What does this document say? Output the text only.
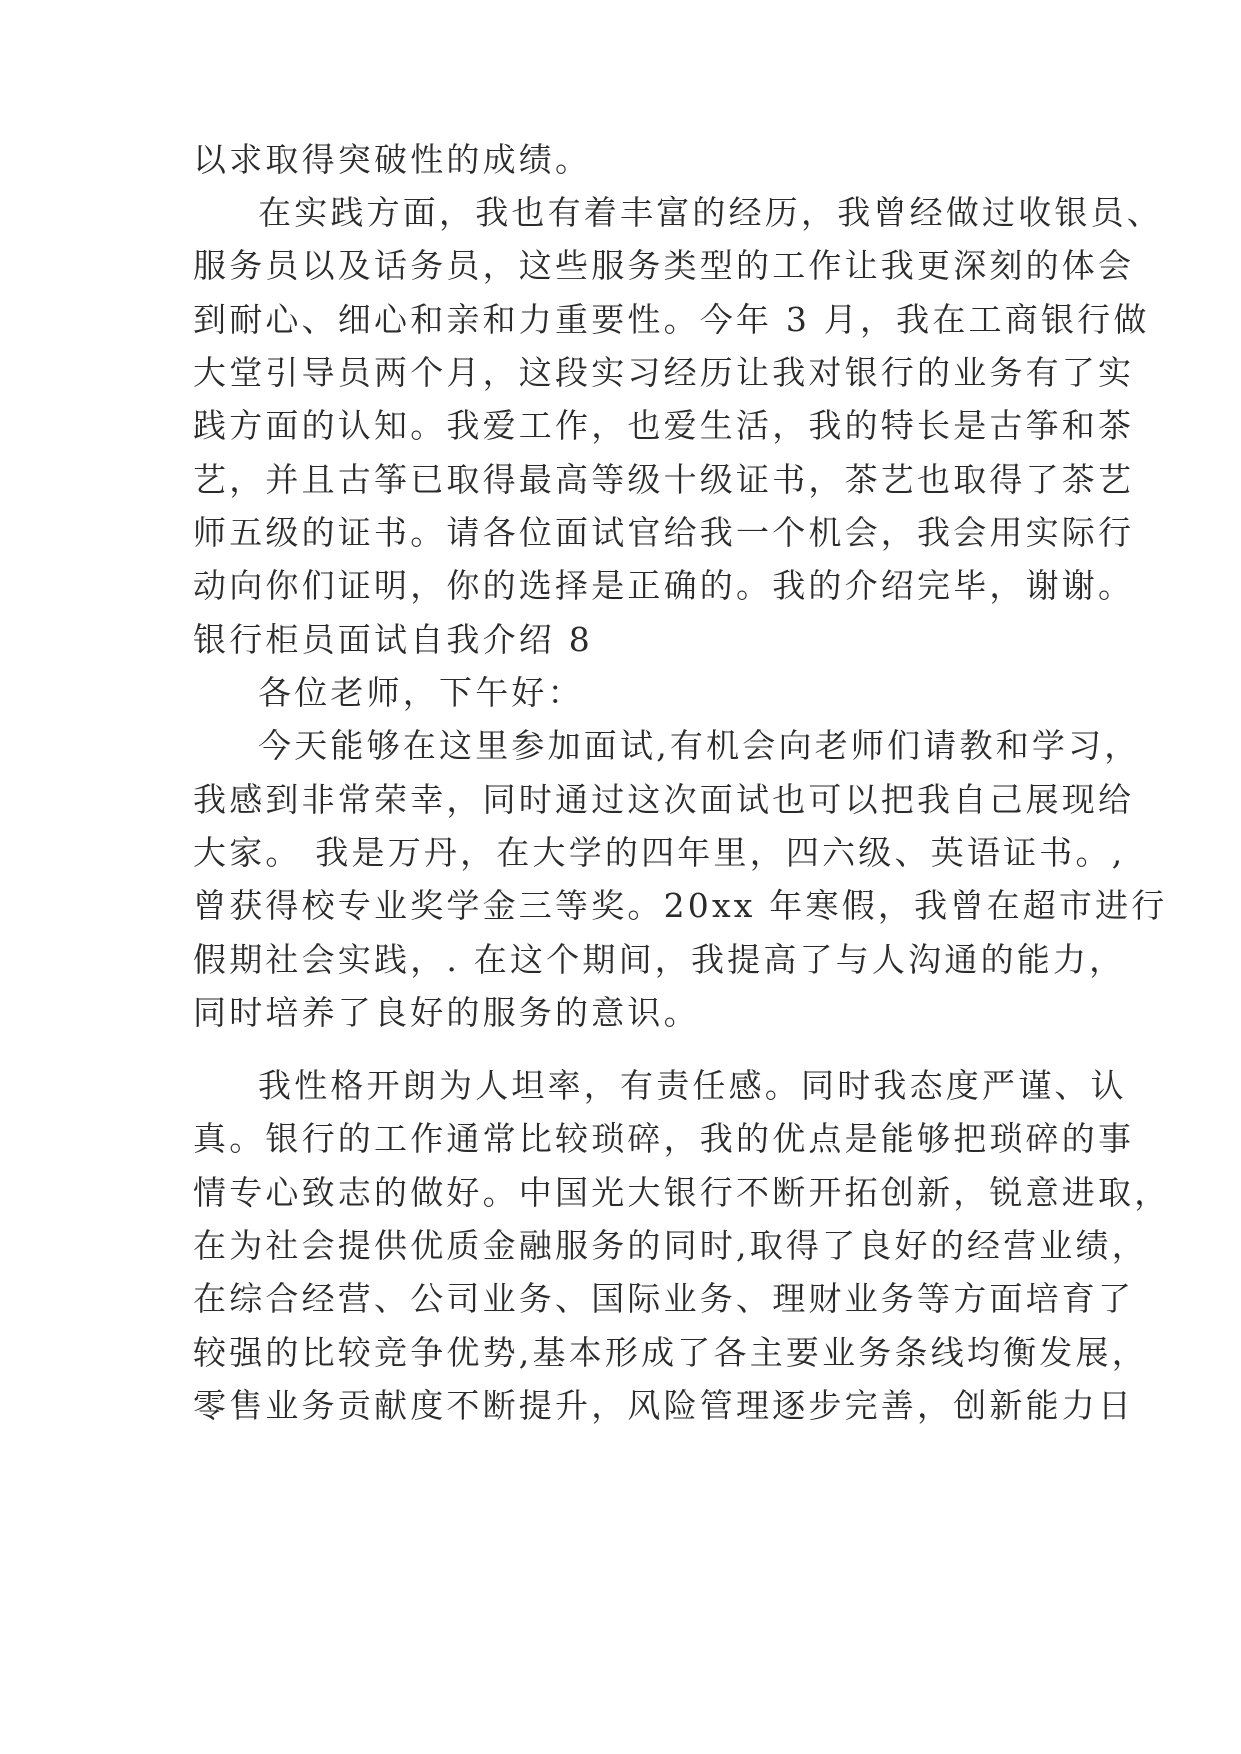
以求取得突破性的成绩。
在实践方面，我也有着丰富的经历，我曾经做过收银员、
服务员以及话务员，这些服务类型的工作让我更深刻的体会
到耐心、细心和亲和力重要性。今年 3 月，我在工商银行做
大堂引导员两个月，这段实习经历让我对银行的业务有了实
践方面的认知。我爱工作，也爱生活，我的特长是古筝和茶
艺，并且古筝已取得最高等级十级证书，茶艺也取得了茶艺
师五级的证书。请各位面试官给我一个机会，我会用实际行
动向你们证明，你的选择是正确的。我的介绍完毕，谢谢。
银行柜员面试自我介绍 8
各位老师，下午好：
今天能够在这里参加面试,有机会向老师们请教和学习，
我感到非常荣幸，同时通过这次面试也可以把我自己展现给
大家。 我是万丹，在大学的四年里，四六级、英语证书。,
曾获得校专业奖学金三等奖。20xx 年寒假，我曾在超市进行
假期社会实践，. 在这个期间，我提高了与人沟通的能力，
同时培养了良好的服务的意识。
我性格开朗为人坦率，有责任感。同时我态度严谨、认
真。银行的工作通常比较琐碎，我的优点是能够把琐碎的事
情专心致志的做好。中国光大银行不断开拓创新，锐意进取，
在为社会提供优质金融服务的同时,取得了良好的经营业绩，
在综合经营、公司业务、国际业务、理财业务等方面培育了
较强的比较竞争优势,基本形成了各主要业务条线均衡发展，
零售业务贡献度不断提升，风险管理逐步完善，创新能力日
